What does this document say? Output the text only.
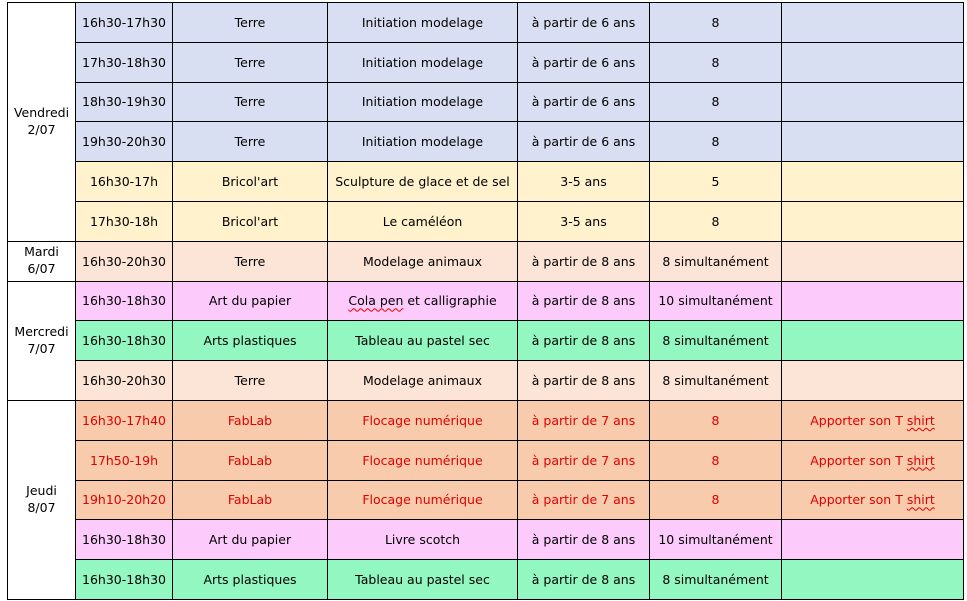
Vendredi
2/07	16h30-17h30	Terre	Initiation modelage	à partir de 6 ans	8	
	17h30-18h30	Terre	Initiation modelage	à partir de 6 ans	8	
	18h30-19h30	Terre	Initiation modelage	à partir de 6 ans	8	
	19h30-20h30	Terre	Initiation modelage	à partir de 6 ans	8	
	16h30-17h	Bricol'art	Sculpture de glace et de sel	3-5 ans	5	
	17h30-18h	Bricol'art	Le caméléon	3-5 ans	8	
Mardi
6/07	16h30-20h30	Terre	Modelage animaux	à partir de 8 ans	8 simultanément	
Mercredi
7/07	16h30-18h30	Art du papier	Cola pen et calligraphie	à partir de 8 ans	10 simultanément	
	16h30-18h30	Arts plastiques	Tableau au pastel sec	à partir de 8 ans	8 simultanément	
	16h30-20h30	Terre	Modelage animaux	à partir de 8 ans	8 simultanément	
Jeudi
8/07	16h30-17h40	FabLab	Flocage numérique	à partir de 7 ans	8	Apporter son T shirt
	17h50-19h	FabLab	Flocage numérique	à partir de 7 ans	8	Apporter son T shirt
	19h10-20h20	FabLab	Flocage numérique	à partir de 7 ans	8	Apporter son T shirt
	16h30-18h30	Art du papier	Livre scotch	à partir de 8 ans	10 simultanément	
	16h30-18h30	Arts plastiques	Tableau au pastel sec	à partir de 8 ans	8 simultanément	
